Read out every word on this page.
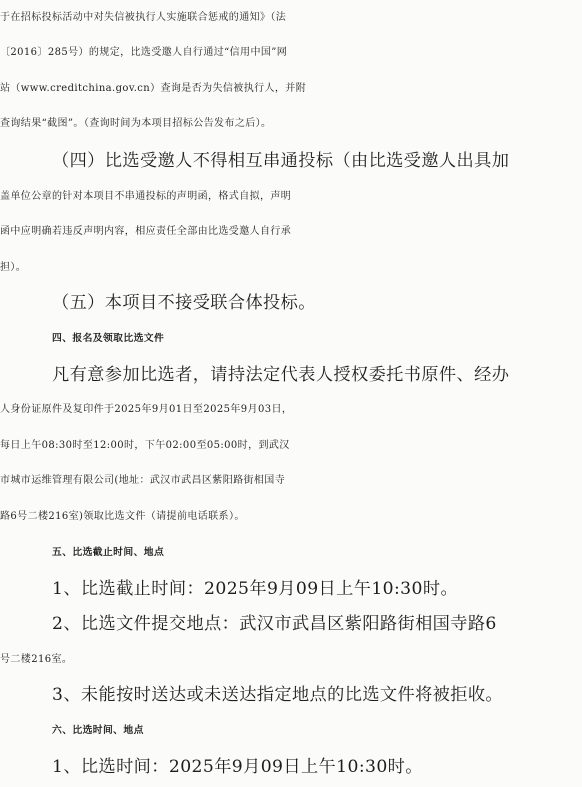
于在招标投标活动中对失信被执行人实施联合惩戒的通知》（法
〔2016〕285号）的规定，比选受邀人自行通过“信用中国”网
站（www.creditchina.gov.cn）查询是否为失信被执行人，并附
查询结果“截图”。（查询时间为本项目招标公告发布之后）。
（四）比选受邀人不得相互串通投标（由比选受邀人出具加
盖单位公章的针对本项目不串通投标的声明函，格式自拟，声明
函中应明确若违反声明内容，相应责任全部由比选受邀人自行承
担）。
（五）本项目不接受联合体投标。
四、报名及领取比选文件
凡有意参加比选者，请持法定代表人授权委托书原件、经办
人身份证原件及复印件于2025年9月01日至2025年9月03日，
每日上午08:30时至12:00时，下午02:00至05:00时，到武汉
市城市运维管理有限公司(地址：武汉市武昌区紫阳路街相国寺
路6号二楼216室)领取比选文件（请提前电话联系）。
五、比选截止时间、地点
1、比选截止时间：2025年9月09日上午10:30时。
2、比选文件提交地点：武汉市武昌区紫阳路街相国寺路6
号二楼216室。
3、未能按时送达或未送达指定地点的比选文件将被拒收。
六、比选时间、地点
1、比选时间：2025年9月09日上午10:30时。
